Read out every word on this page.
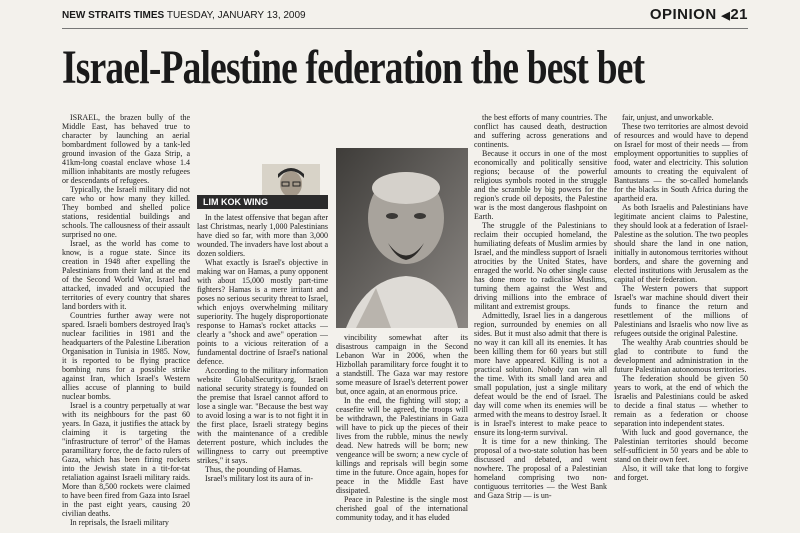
NEW STRAITS TIMES TUESDAY, JANUARY 13, 2009	OPINION ◀21
Israel-Palestine federation the best bet

ISRAEL, the brazen bully of the Middle East, has behaved true to character by launching an aerial bombardment followed by a tank-led ground invasion of the Gaza Strip, a 41km-long coastal enclave whose 1.4 million inhabitants are mostly refugees or descendants of refugees.

Typically, the Israeli military did not care who or how many they killed. They bombed and shelled police stations, residential buildings and schools. The callousness of their assault surprised no one.

Israel, as the world has come to know, is a rogue state. Since its creation in 1948 after expelling the Palestinians from their land at the end of the Second World War, Israel had attacked, invaded and occupied the territories of every country that shares land borders with it.

Countries further away were not spared. Israeli bombers destroyed Iraq's nuclear facilities in 1981 and the headquarters of the Palestine Liberation Organisation in Tunisia in 1985. Now, it is reported to be flying practice bombing runs for a possible strike against Iran, which Israel's Western allies accuse of planning to build nuclear bombs.

Israel is a country perpetually at war with its neighbours for the past 60 years. In Gaza, it justifies the attack by claiming it is targeting the "infrastructure of terror" of the Hamas paramilitary force, the de facto rulers of Gaza, which has been firing rockets into the Jewish state in a tit-for-tat retaliation against Israeli military raids. More than 8,500 rockets were claimed to have been fired from Gaza into Israel in the past eight years, causing 20 civilian deaths.

In reprisals, the Israeli military

LIM KOK WING

In the latest offensive that began after last Christmas, nearly 1,000 Palestinians have died so far, with more than 3,000 wounded. The invaders have lost about a dozen soldiers.

What exactly is Israel's objective in making war on Hamas, a puny opponent with about 15,000 mostly part-time fighters? Hamas is a mere irritant and poses no serious security threat to Israel, which enjoys overwhelming military superiority. The hugely disproportionate response to Hamas's rocket attacks — clearly a "shock and awe" operation — points to a vicious reiteration of a fundamental doctrine of Israel's national defence.

According to the military information website GlobalSecurity.org, Israeli national security strategy is founded on the premise that Israel cannot afford to lose a single war. "Because the best way to avoid losing a war is to not fight it in the first place, Israeli strategy begins with the maintenance of a credible deterrent posture, which includes the willingness to carry out preemptive strikes," it says.

Thus, the pounding of Hamas.

Israel's military lost its aura of in-

vincibility somewhat after its disastrous campaign in the Second Lebanon War in 2006, when the Hizbollah paramilitary force fought it to a standstill. The Gaza war may restore some measure of Israel's deterrent power but, once again, at an enormous price.

In the end, the fighting will stop; a ceasefire will be agreed, the troops will be withdrawn, the Palestinians in Gaza will have to pick up the pieces of their lives from the rubble, minus the newly dead. New hatreds will be born; new vengeance will be sworn; a new cycle of killings and reprisals will begin some time in the future. Once again, hopes for peace in the Middle East have dissipated.

Peace in Palestine is the single most cherished goal of the international community today, and it has eluded

the best efforts of many countries. The conflict has caused death, destruction and suffering across generations and continents.

Because it occurs in one of the most economically and politically sensitive regions; because of the powerful religious symbols rooted in the struggle and the scramble by big powers for the region's crude oil deposits, the Palestine war is the most dangerous flashpoint on Earth.

The struggle of the Palestinians to reclaim their occupied homeland, the humiliating defeats of Muslim armies by Israel, and the mindless support of Israeli atrocities by the United States, have enraged the world. No other single cause has done more to radicalise Muslims, turning them against the West and driving millions into the embrace of militant and extremist groups.

Admittedly, Israel lies in a dangerous region, surrounded by enemies on all sides. But it must also admit that there is no way it can kill all its enemies. It has been killing them for 60 years but still more have appeared. Killing is not a practical solution. Nobody can win all the time. With its small land area and small population, just a single military defeat would be the end of Israel. The day will come when its enemies will be armed with the means to destroy Israel. It is in Israel's interest to make peace to ensure its long-term survival.

It is time for a new thinking. The proposal of a two-state solution has been discussed and debated, and went nowhere. The proposal of a Palestinian homeland comprising two non-contiguous territories — the West Bank and Gaza Strip — is un-

fair, unjust, and unworkable.

These two territories are almost devoid of resources and would have to depend on Israel for most of their needs — from employment opportunities to supplies of food, water and electricity. This solution amounts to creating the equivalent of Bantustans — the so-called homelands for the blacks in South Africa during the apartheid era.

As both Israelis and Palestinians have legitimate ancient claims to Palestine, they should look at a federation of Israel-Palestine as the solution. The two peoples should share the land in one nation, initially in autonomous territories without borders, and share the governing and elected institutions with Jerusalem as the capital of their federation.

The Western powers that support Israel's war machine should divert their funds to finance the return and resettlement of the millions of Palestinians and Israelis who now live as refugees outside the original Palestine.

The wealthy Arab countries should be glad to contribute to fund the development and administration in the future Palestinian autonomous territories.

The federation should be given 50 years to work, at the end of which the Israelis and Palestinians could be asked to decide a final status — whether to remain as a federation or choose separation into independent states.

With luck and good governance, the Palestinian territories should become self-sufficient in 50 years and be able to stand on their own feet.

Also, it will take that long to forgive and forget.
